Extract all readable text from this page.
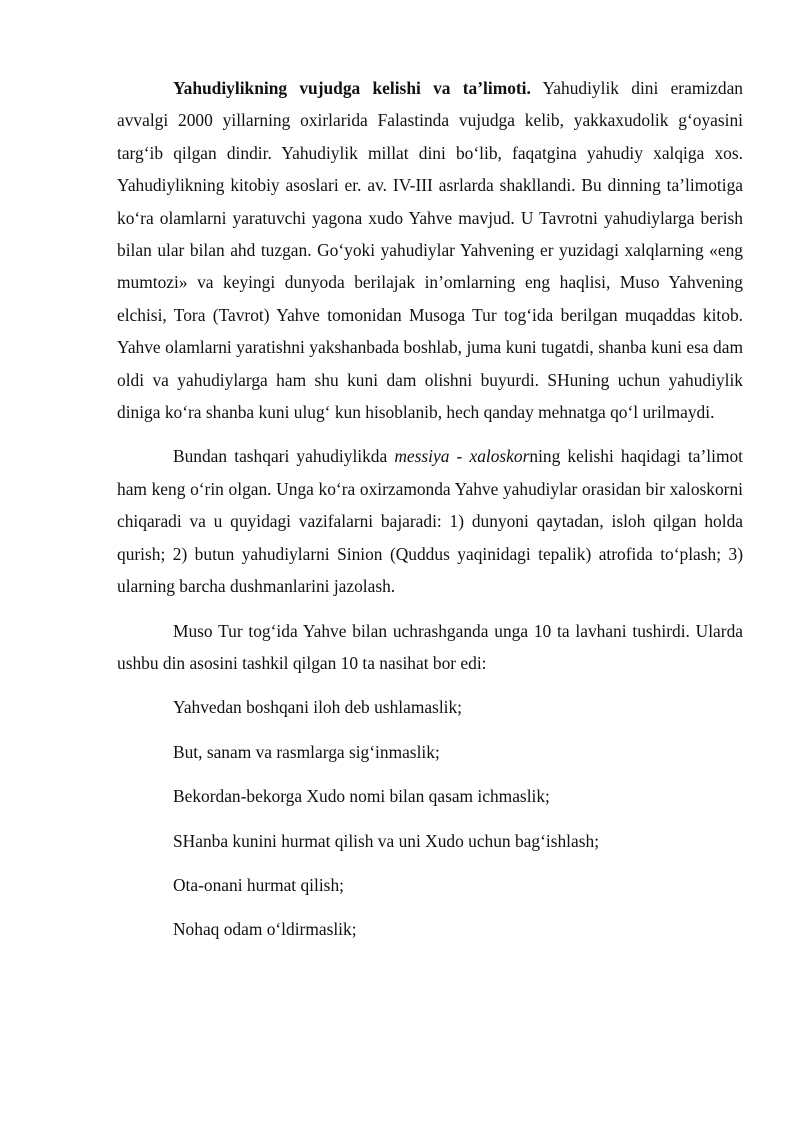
Yahudiylikning vujudga kelishi va ta’limoti. Yahudiylik dini eramizdan avvalgi 2000 yillarning oxirlarida Falastinda vujudga kelib, yakkaxudolik g‘oyasini targ‘ib qilgan dindir. Yahudiylik millat dini bo‘lib, faqatgina yahudiy xalqiga xos. Yahudiylikning kitobiy asoslari er. av. IV-III asrlarda shakllandi. Bu dinning ta’limotiga ko‘ra olamlarni yaratuvchi yagona xudo Yahve mavjud. U Tavrotni yahudiylarga berish bilan ular bilan ahd tuzgan. Go‘yoki yahudiylar Yahvening er yuzidagi xalqlarning «eng mumtozi» va keyingi dunyoda berilajak in’omlarning eng haqlisi, Muso Yahvening elchisi, Tora (Tavrot) Yahve tomonidan Musoga Tur tog‘ida berilgan muqaddas kitob. Yahve olamlarni yaratishni yakshanbada boshlab, juma kuni tugatdi, shanba kuni esa dam oldi va yahudiylarga ham shu kuni dam olishni buyurdi. SHuning uchun yahudiylik diniga ko‘ra shanba kuni ulug‘ kun hisoblanib, hech qanday mehnatga qo‘l urilmaydi.

Bundan tashqari yahudiylikda messiya - xaloskorning kelishi haqidagi ta’limot ham keng o‘rin olgan. Unga ko‘ra oxirzamonda Yahve yahudiylar orasidan bir xaloskorni chiqaradi va u quyidagi vazifalarni bajaradi: 1) dunyoni qaytadan, isloh qilgan holda qurish; 2) butun yahudiylarni Sinion (Quddus yaqinidagi tepalik) atrofida to‘plash; 3) ularning barcha dushmanlarini jazolash.

Muso Tur tog‘ida Yahve bilan uchrashganda unga 10 ta lavhani tushirdi. Ularda ushbu din asosini tashkil qilgan 10 ta nasihat bor edi:

Yahvedan boshqani iloh deb ushlamaslik;

But, sanam va rasmlarga sig‘inmaslik;

Bekordan-bekorga Xudo nomi bilan qasam ichmaslik;

SHanba kunini hurmat qilish va uni Xudo uchun bag‘ishlash;

Ota-onani hurmat qilish;

Nohaq odam o‘ldirmaslik;
